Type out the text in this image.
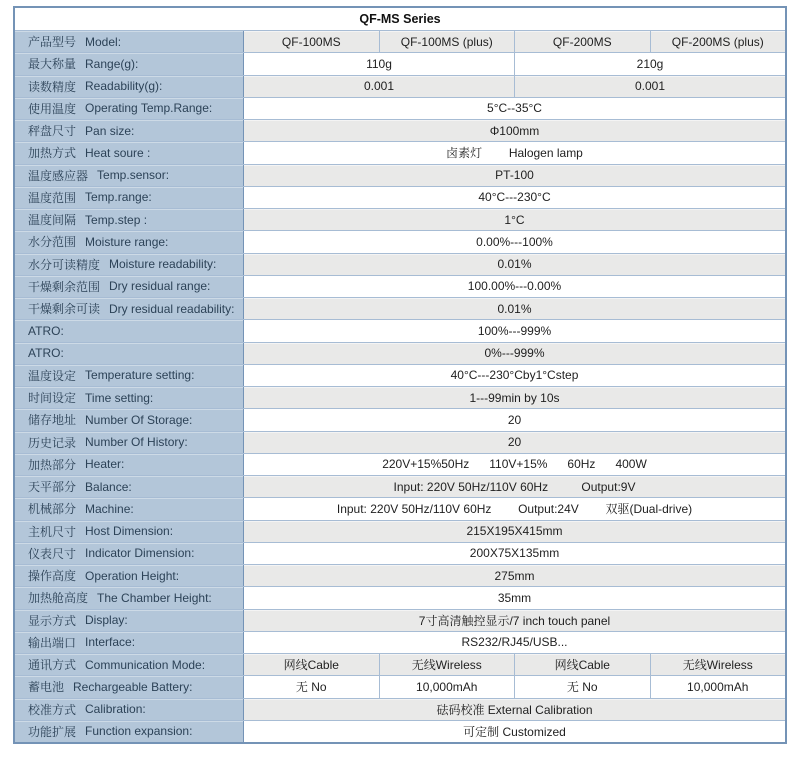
QF-MS Series
产品型号 Model:	QF-100MS	QF-100MS (plus)	QF-200MS	QF-200MS (plus)
最大称量 Range(g):	110g	210g
读数精度 Readability(g):	0.001	0.001
使用温度 Operating Temp.Range:	5°C--35°C
秤盘尺寸 Pan size:	Φ100mm
加热方式 Heat soure :	卤素灯        Halogen lamp
温度感应器 Temp.sensor:	PT-100
温度范围 Temp.range:	40°C---230°C
温度间隔 Temp.step :	1°C
水分范围 Moisture range:	0.00%---100%
水分可读精度 Moisture readability:	0.01%
干燥剩余范围 Dry residual range:	100.00%---0.00%
干燥剩余可读 Dry residual readability:	0.01%
ATRO:	100%---999%
ATRO:	0%---999%
温度设定 Temperature setting:	40°C---230°Cby1°Cstep
时间设定 Time setting:	1---99min by 10s
储存地址 Number Of Storage:	20
历史记录 Number Of History:	20
加热部分 Heater:	220V+15%50Hz      110V+15%      60Hz      400W
天平部分 Balance:	Input: 220V 50Hz/110V 60Hz          Output:9V
机械部分 Machine:	Input: 220V 50Hz/110V 60Hz        Output:24V        双驱(Dual-drive)
主机尺寸 Host Dimension:	215X195X415mm
仪表尺寸 Indicator Dimension:	200X75X135mm
操作高度 Operation Height:	275mm
加热舱高度 The Chamber Height:	35mm
显示方式 Display:	7寸高清触控显示/7 inch touch panel
输出端口 Interface:	RS232/RJ45/USB...
通讯方式 Communication Mode:	网线Cable	无线Wireless	网线Cable	无线Wireless
蓄电池 Rechargeable Battery:	无 No	10,000mAh	无 No	10,000mAh
校准方式 Calibration:	砝码校准 External Calibration
功能扩展 Function expansion:	可定制 Customized
